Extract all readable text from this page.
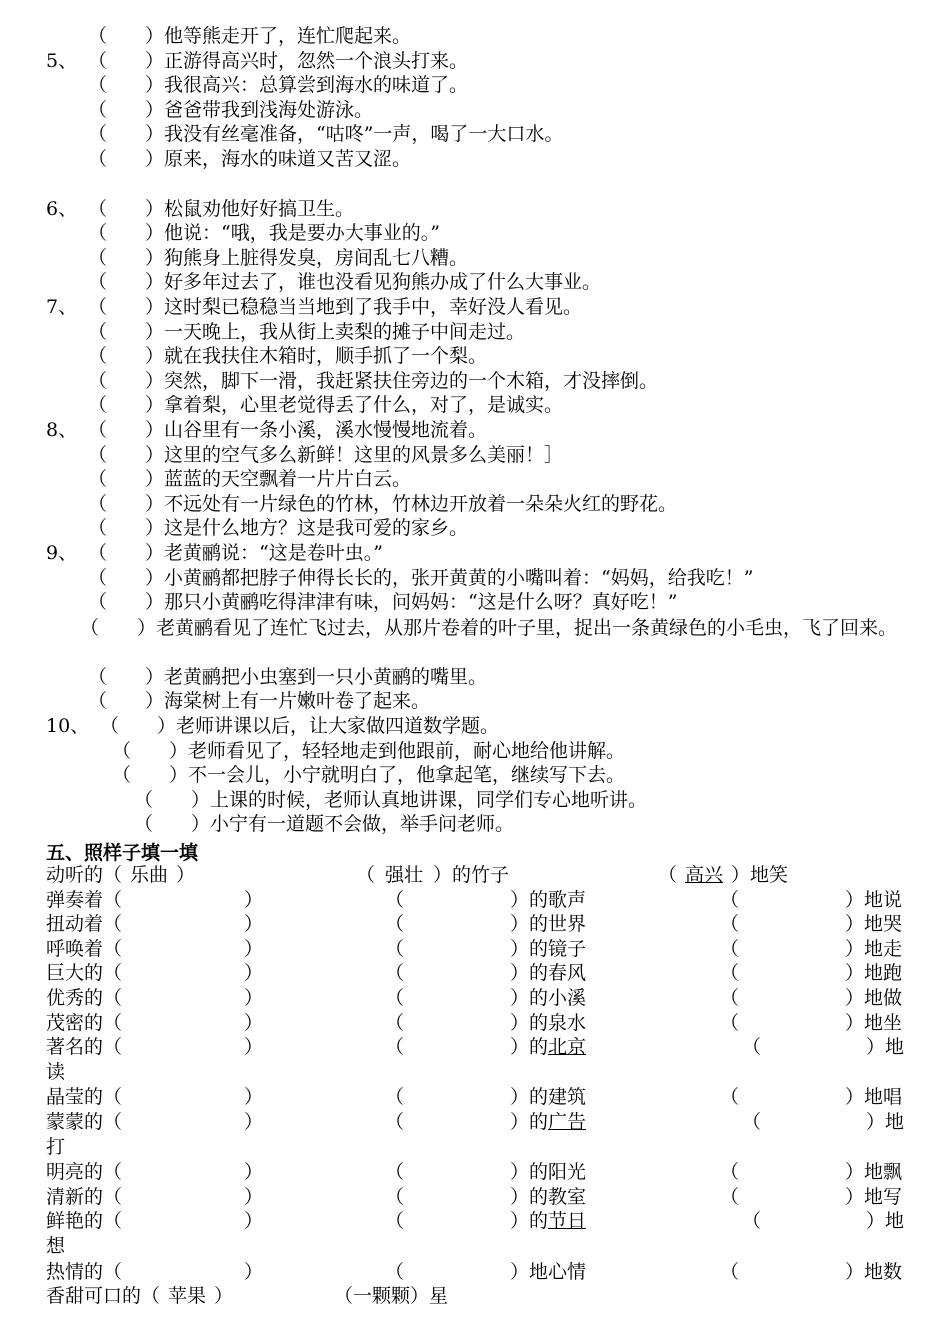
（　　）他等熊走开了，连忙爬起来。
5、 （　　）正游得高兴时，忽然一个浪头打来。
（　　）我很高兴：总算尝到海水的味道了。
（　　）爸爸带我到浅海处游泳。
（　　）我没有丝毫准备，“咕咚”一声，喝了一大口水。
（　　）原来，海水的味道又苦又涩。
6、 （　　）松鼠劝他好好搞卫生。
（　　）他说：“哦，我是要办大事业的。”
（　　）狗熊身上脏得发臭，房间乱七八糟。
（　　）好多年过去了，谁也没看见狗熊办成了什么大事业。
7、 （　　）这时梨已稳稳当当地到了我手中，幸好没人看见。
（　　）一天晚上，我从街上卖梨的摊子中间走过。
（　　）就在我扶住木箱时，顺手抓了一个梨。
（　　）突然，脚下一滑，我赶紧扶住旁边的一个木箱，才没摔倒。
（　　）拿着梨，心里老觉得丢了什么，对了，是诚实。
8、 （　　）山谷里有一条小溪，溪水慢慢地流着。
（　　）这里的空气多么新鲜！这里的风景多么美丽！］
（　　）蓝蓝的天空飘着一片片白云。
（　　）不远处有一片绿色的竹林，竹林边开放着一朵朵火红的野花。
（　　）这是什么地方？这是我可爱的家乡。
9、 （　　）老黄鹂说：“这是卷叶虫。”
（　　）小黄鹂都把脖子伸得长长的，张开黄黄的小嘴叫着：“妈妈，给我吃！”
（　　）那只小黄鹂吃得津津有味，问妈妈：“这是什么呀？真好吃！”
（　　）老黄鹂看见了连忙飞过去，从那片卷着的叶子里，捉出一条黄绿色的小毛虫，飞了回来。
（　　）老黄鹂把小虫塞到一只小黄鹂的嘴里。
（　　）海棠树上有一片嫩叶卷了起来。
10、 （　　）老师讲课以后，让大家做四道数学题。
（　　）老师看见了，轻轻地走到他跟前，耐心地给他讲解。
（　　）不一会儿，小宁就明白了，他拿起笔，继续写下去。
（　　）上课的时候，老师认真地讲课，同学们专心地听讲。
（　　）小宁有一道题不会做，举手问老师。
五、照样子填一填
动听的（ 乐曲 ）	（ 强壮 ）的竹子	（ 高兴 ）地笑
弹奏着（	）	（	）的歌声	（	）地说
扭动着（	）	（	）的世界	（	）地哭
呼唤着（	）	（	）的镜子	（	）地走
巨大的（	）	（	）的春风	（	）地跑
优秀的（	）	（	）的小溪	（	）地做
茂密的（	）	（	）的泉水	（	）地坐
著名的（	）	（	）的北京	（	）地
读
晶莹的（	）	（	）的建筑	（	）地唱
蒙蒙的（	）	（	）的广告	（	）地
打
明亮的（	）	（	）的阳光	（	）地飘
清新的（	）	（	）的教室	（	）地写
鲜艳的（	）	（	）的节日	（	）地
想
热情的（	）	（	）地心情	（	）地数
香甜可口的（ 苹果 ）	（一颗颗）星
